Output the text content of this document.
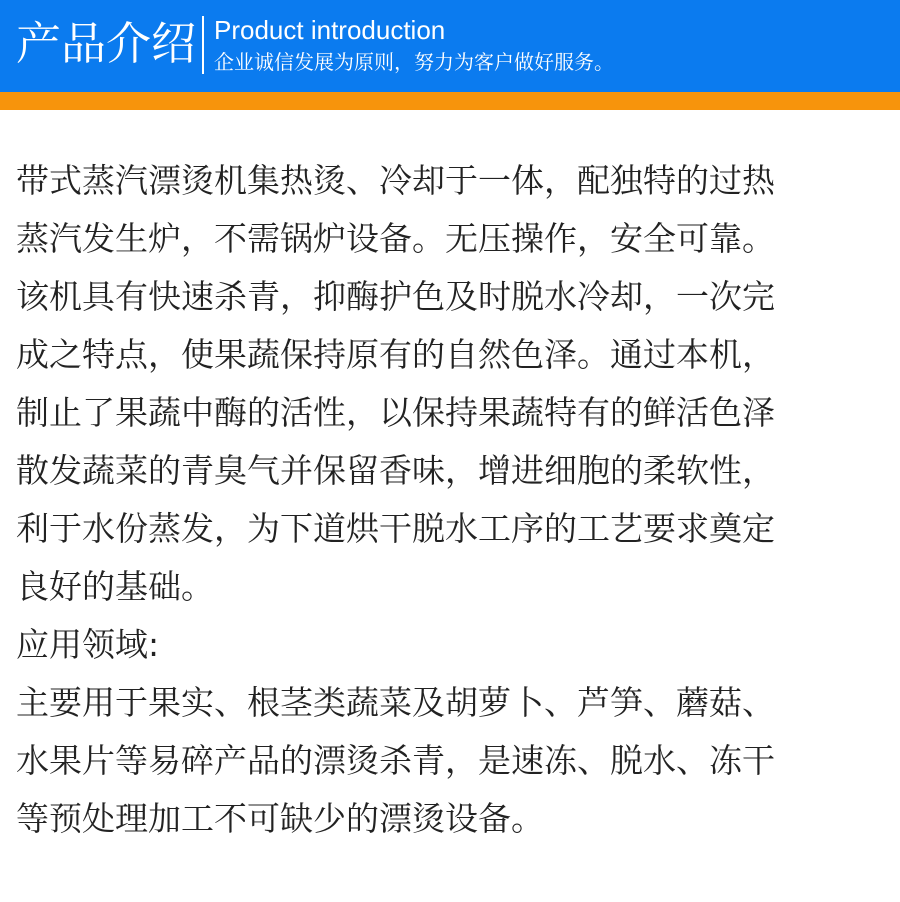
产品介绍 Product introduction
企业诚信发展为原则，努力为客户做好服务。
带式蒸汽漂烫机集热烫、冷却于一体，配独特的过热
蒸汽发生炉，不需锅炉设备。无压操作，安全可靠。
该机具有快速杀青，抑酶护色及时脱水冷却，一次完
成之特点，使果蔬保持原有的自然色泽。通过本机，
制止了果蔬中酶的活性，以保持果蔬特有的鲜活色泽
散发蔬菜的青臭气并保留香味，增进细胞的柔软性，
利于水份蒸发，为下道烘干脱水工序的工艺要求奠定
良好的基础。
应用领域:
主要用于果实、根茎类蔬菜及胡萝卜、芦笋、蘑菇、
水果片等易碎产品的漂烫杀青，是速冻、脱水、冻干
等预处理加工不可缺少的漂烫设备。
